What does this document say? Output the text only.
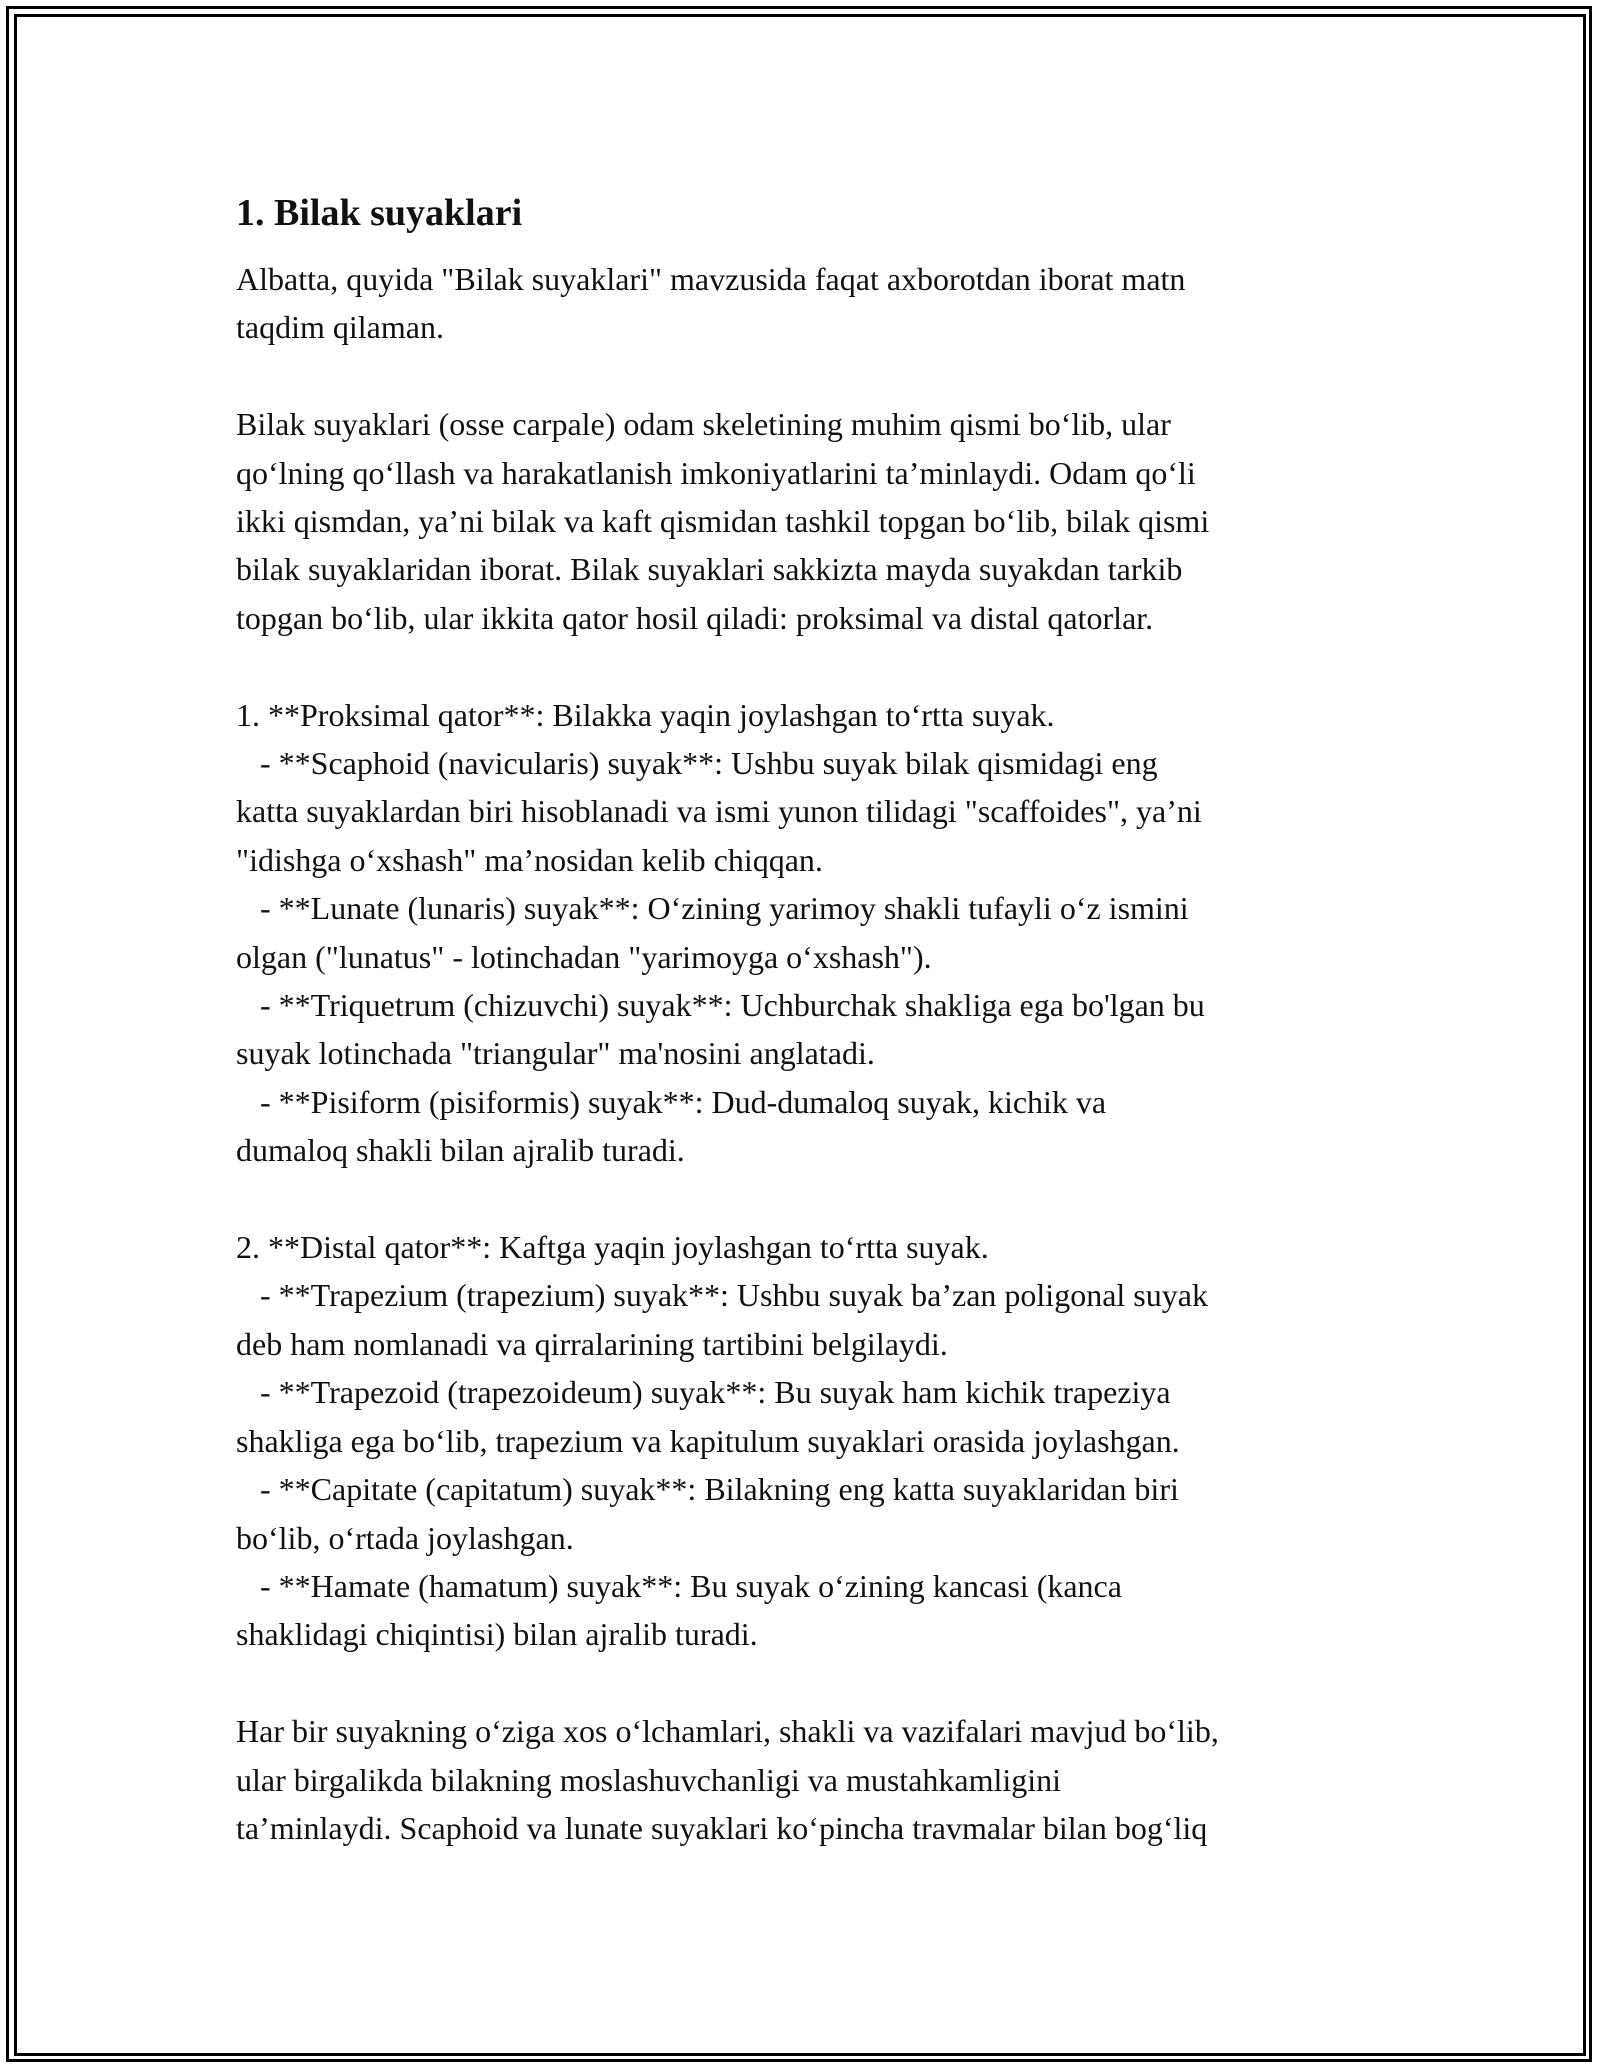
1. Bilak suyaklari
Albatta, quyida "Bilak suyaklari" mavzusida faqat axborotdan iborat matn
taqdim qilaman.
Bilak suyaklari (osse carpale) odam skeletining muhim qismi bo‘lib, ular
qo‘lning qo‘llash va harakatlanish imkoniyatlarini ta’minlaydi. Odam qo‘li
ikki qismdan, ya’ni bilak va kaft qismidan tashkil topgan bo‘lib, bilak qismi
bilak suyaklaridan iborat. Bilak suyaklari sakkizta mayda suyakdan tarkib
topgan bo‘lib, ular ikkita qator hosil qiladi: proksimal va distal qatorlar.
1. **Proksimal qator**: Bilakka yaqin joylashgan to‘rtta suyak.
- **Scaphoid (navicularis) suyak**: Ushbu suyak bilak qismidagi eng
katta suyaklardan biri hisoblanadi va ismi yunon tilidagi "scaffoides", ya’ni
"idishga o‘xshash" ma’nosidan kelib chiqqan.
- **Lunate (lunaris) suyak**: O‘zining yarimoy shakli tufayli o‘z ismini
olgan ("lunatus" - lotinchadan "yarimoyga o‘xshash").
- **Triquetrum (chizuvchi) suyak**: Uchburchak shakliga ega bo'lgan bu
suyak lotinchada "triangular" ma'nosini anglatadi.
- **Pisiform (pisiformis) suyak**: Dud-dumaloq suyak, kichik va
dumaloq shakli bilan ajralib turadi.
2. **Distal qator**: Kaftga yaqin joylashgan to‘rtta suyak.
- **Trapezium (trapezium) suyak**: Ushbu suyak ba’zan poligonal suyak
deb ham nomlanadi va qirralarining tartibini belgilaydi.
- **Trapezoid (trapezoideum) suyak**: Bu suyak ham kichik trapeziya
shakliga ega bo‘lib, trapezium va kapitulum suyaklari orasida joylashgan.
- **Capitate (capitatum) suyak**: Bilakning eng katta suyaklaridan biri
bo‘lib, o‘rtada joylashgan.
- **Hamate (hamatum) suyak**: Bu suyak o‘zining kancasi (kanca
shaklidagi chiqintisi) bilan ajralib turadi.
Har bir suyakning o‘ziga xos o‘lchamlari, shakli va vazifalari mavjud bo‘lib,
ular birgalikda bilakning moslashuvchanligi va mustahkamligini
ta’minlaydi. Scaphoid va lunate suyaklari ko‘pincha travmalar bilan bog‘liq
